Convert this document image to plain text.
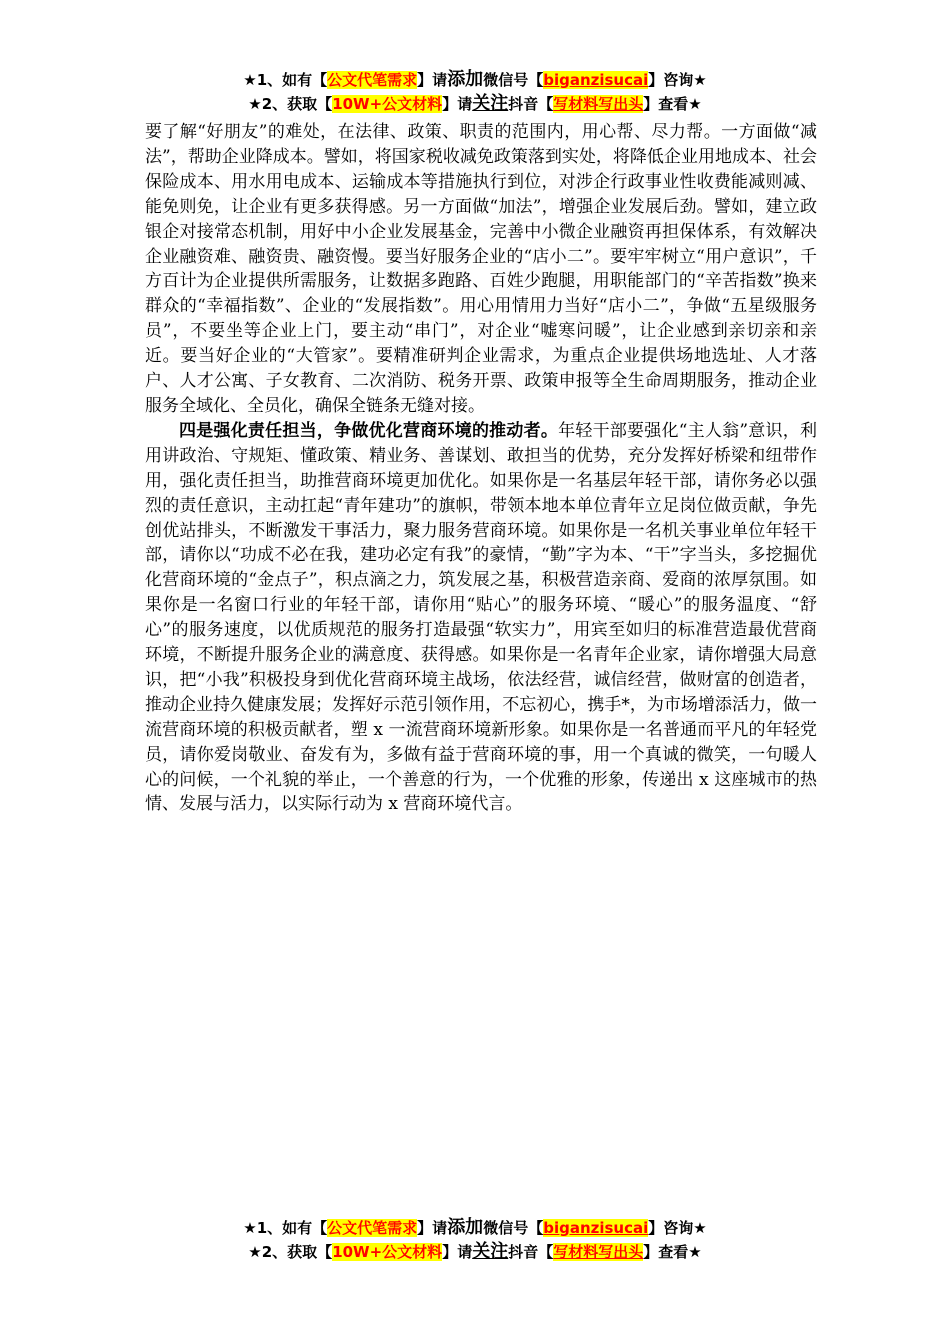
★1、如有【公文代笔需求】请添加微信号【biganzisucai】咨询★
★2、获取【10W+公文材料】请关注抖音【写材料写出头】查看★

要了解“好朋友”的难处，在法律、政策、职责的范围内，用心帮、尽力帮。一方面做“减法”，帮助企业降成本。譬如，将国家税收减免政策落到实处，将降低企业用地成本、社会保险成本、用水用电成本、运输成本等措施执行到位，对涉企行政事业性收费能减则减、能免则免，让企业有更多获得感。另一方面做“加法”，增强企业发展后劲。譬如，建立政银企对接常态机制，用好中小企业发展基金，完善中小微企业融资再担保体系，有效解决企业融资难、融资贵、融资慢。要当好服务企业的“店小二”。要牢牢树立“用户意识”，千方百计为企业提供所需服务，让数据多跑路、百姓少跑腿，用职能部门的“辛苦指数”换来群众的“幸福指数”、企业的“发展指数”。用心用情用力当好“店小二”，争做“五星级服务员”，不要坐等企业上门，要主动“串门”，对企业“嘘寒问暖”，让企业感到亲切亲和亲近。要当好企业的“大管家”。要精准研判企业需求，为重点企业提供场地选址、人才落户、人才公寓、子女教育、二次消防、税务开票、政策申报等全生命周期服务，推动企业服务全域化、全员化，确保全链条无缝对接。

四是强化责任担当，争做优化营商环境的推动者。年轻干部要强化“主人翁”意识，利用讲政治、守规矩、懂政策、精业务、善谋划、敢担当的优势，充分发挥好桥梁和纽带作用，强化责任担当，助推营商环境更加优化。如果你是一名基层年轻干部，请你务必以强烈的责任意识，主动扛起“青年建功”的旗帜，带领本地本单位青年立足岗位做贡献，争先创优站排头，不断激发干事活力，聚力服务营商环境。如果你是一名机关事业单位年轻干部，请你以“功成不必在我，建功必定有我”的豪情，“勤”字为本、“干”字当头，多挖掘优化营商环境的“金点子”，积点滴之力，筑发展之基，积极营造亲商、爱商的浓厚氛围。如果你是一名窗口行业的年轻干部，请你用“贴心”的服务环境、“暖心”的服务温度、“舒心”的服务速度，以优质规范的服务打造最强“软实力”，用宾至如归的标准营造最优营商环境，不断提升服务企业的满意度、获得感。如果你是一名青年企业家，请你增强大局意识，把“小我”积极投身到优化营商环境主战场，依法经营，诚信经营，做财富的创造者，推动企业持久健康发展；发挥好示范引领作用，不忘初心，携手*，为市场增添活力，做一流营商环境的积极贡献者，塑 x 一流营商环境新形象。如果你是一名普通而平凡的年轻党员，请你爱岗敬业、奋发有为，多做有益于营商环境的事，用一个真诚的微笑，一句暖人心的问候，一个礼貌的举止，一个善意的行为，一个优雅的形象，传递出 x 这座城市的热情、发展与活力，以实际行动为 x 营商环境代言。

★1、如有【公文代笔需求】请添加微信号【biganzisucai】咨询★
★2、获取【10W+公文材料】请关注抖音【写材料写出头】查看★
